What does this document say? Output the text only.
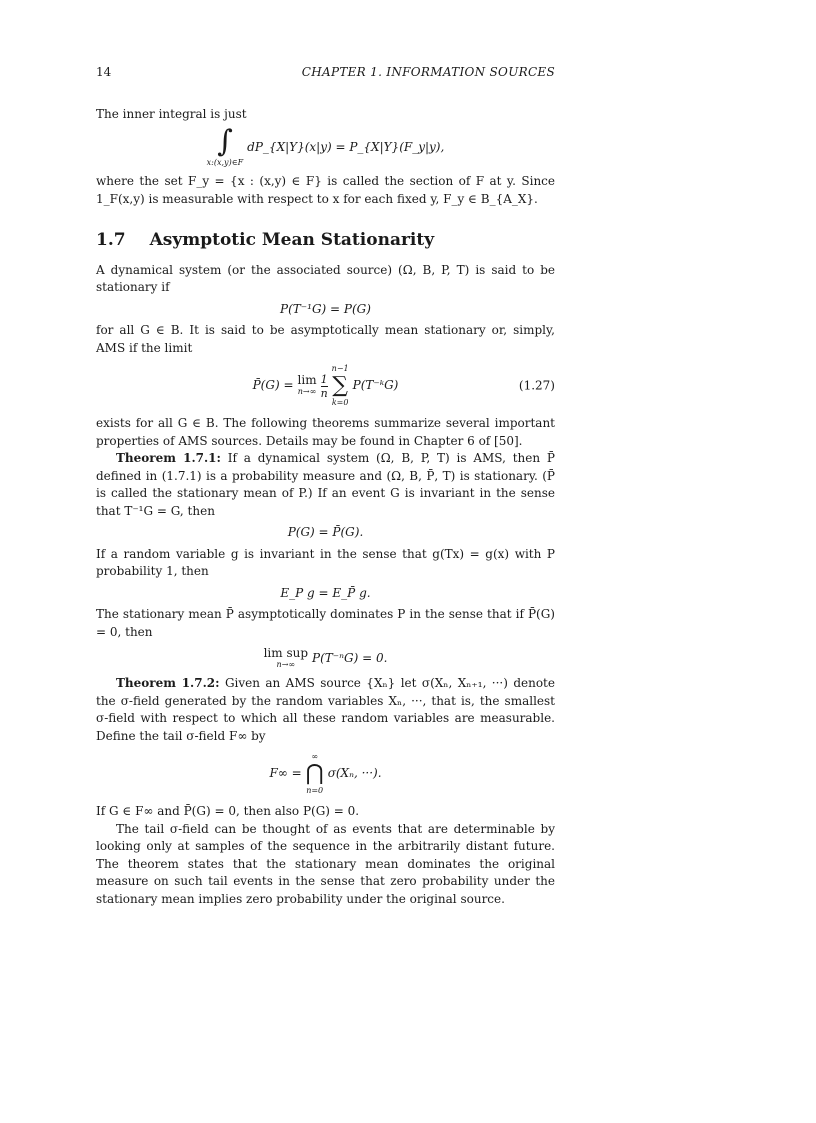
14	CHAPTER 1. INFORMATION SOURCES

The inner integral is just

∫
x:(x,y)∈F
dP_{X|Y}(x|y) = P_{X|Y}(F_y|y),

where the set F_y = {x : (x,y) ∈ F} is called the section of F at y. Since 1_F(x,y) is measurable with respect to x for each fixed y, F_y ∈ B_{A_X}.

1.7 Asymptotic Mean Stationarity

A dynamical system (or the associated source) (Ω, B, P, T) is said to be stationary if

P(T⁻¹G) = P(G)

for all G ∈ B. It is said to be asymptotically mean stationary or, simply, AMS if the limit

P̄(G) = lim
$n\to\infty \frac{1}{n}$
n−1
∑
k=0
P(T⁻ᵏG)	(1.27)

exists for all G ∈ B. The following theorems summarize several important properties of AMS sources. Details may be found in Chapter 6 of [50].

Theorem 1.7.1: If a dynamical system (Ω, B, P, T) is AMS, then P̄ defined in (1.7.1) is a probability measure and (Ω, B, P̄, T) is stationary. (P̄ is called the stationary mean of P.) If an event G is invariant in the sense that T⁻¹G = G, then

P(G) = P̄(G).

If a random variable g is invariant in the sense that g(Tx) = g(x) with P probability 1, then

E_P g = E_P̄ g.

The stationary mean P̄ asymptotically dominates P in the sense that if P̄(G) = 0, then

lim sup
n→∞ P(T⁻ⁿG) = 0.

Theorem 1.7.2: Given an AMS source {Xₙ} let σ(Xₙ, Xₙ₊₁, ···) denote the σ-field generated by the random variables Xₙ, ···, that is, the smallest σ-field with respect to which all these random variables are measurable. Define the tail σ-field F∞ by

F∞ =
∞
⋂
n=0
σ(Xₙ, ···).

If G ∈ F∞ and P̄(G) = 0, then also P(G) = 0.

The tail σ-field can be thought of as events that are determinable by looking only at samples of the sequence in the arbitrarily distant future. The theorem states that the stationary mean dominates the original measure on such tail events in the sense that zero probability under the stationary mean implies zero probability under the original source.
